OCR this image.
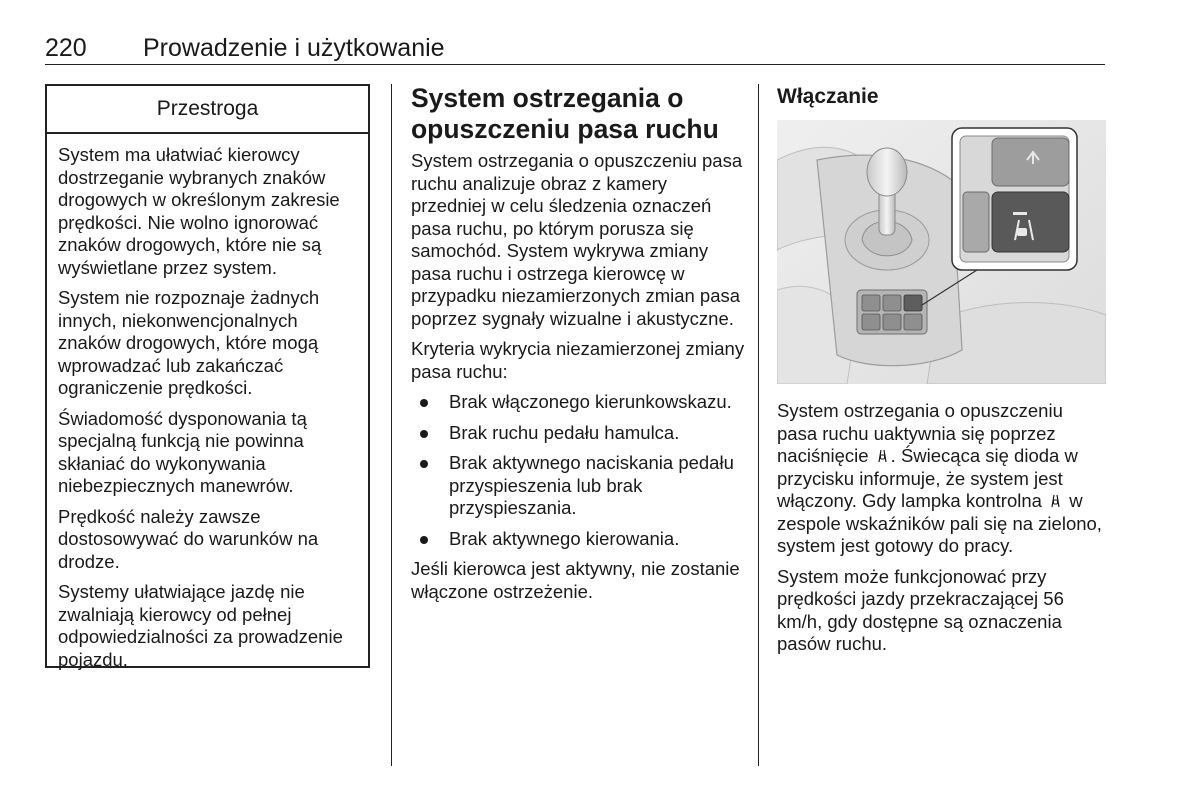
220 Prowadzenie i użytkowanie
Przestroga

System ma ułatwiać kierowcy dostrzeganie wybranych znaków drogowych w określonym zakresie prędkości. Nie wolno ignorować znaków drogowych, które nie są wyświetlane przez system.

System nie rozpoznaje żadnych innych, niekonwencjonalnych znaków drogowych, które mogą wprowadzać lub zakańczać ograniczenie prędkości.

Świadomość dysponowania tą specjalną funkcją nie powinna skłaniać do wykonywania niebezpiecznych manewrów.

Prędkość należy zawsze dostosowywać do warunków na drodze.

Systemy ułatwiające jazdę nie zwalniają kierowcy od pełnej odpowiedzialności za prowadzenie pojazdu.

System ostrzegania o opuszczeniu pasa ruchu

System ostrzegania o opuszczeniu pasa ruchu analizuje obraz z kamery przedniej w celu śledzenia oznaczeń pasa ruchu, po którym porusza się samochód. System wykrywa zmiany pasa ruchu i ostrzega kierowcę w przypadku niezamierzonych zmian pasa poprzez sygnały wizualne i akustyczne.

Kryteria wykrycia niezamierzonej zmiany pasa ruchu:

Brak włączonego kierunkowskazu.
Brak ruchu pedału hamulca.
Brak aktywnego naciskania pedału przyspieszenia lub brak przyspieszania.
Brak aktywnego kierowania.

Jeśli kierowca jest aktywny, nie zostanie włączone ostrzeżenie.

Włączanie

System ostrzegania o opuszczeniu pasa ruchu uaktywnia się poprzez naciśnięcie . Świecąca się dioda w przycisku informuje, że system jest włączony. Gdy lampka kontrolna w zespole wskaźników pali się na zielono, system jest gotowy do pracy.

System może funkcjonować przy prędkości jazdy przekraczającej 56 km/h, gdy dostępne są oznaczenia pasów ruchu.
